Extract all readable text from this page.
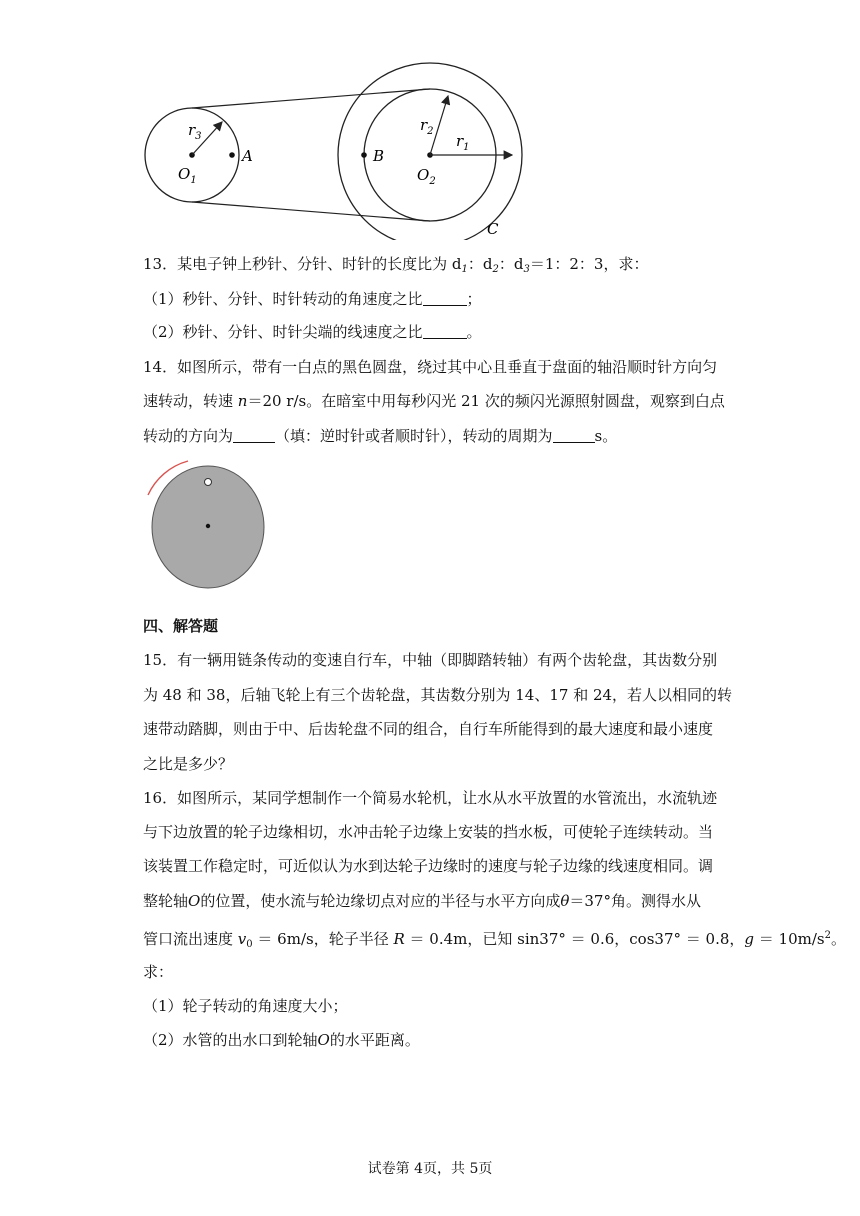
$r_3$
A
$O_1$
B
$r_2$
$r_1$
$O_2$
C
13．某电子钟上秒针、分针、时针的长度比为 $d_1$：$d_2$：$d_3=1$：2：3，求：
（1）秒针、分针、时针转动的角速度之比	；
（2）秒针、分针、时针尖端的线速度之比	。
14．如图所示，带有一白点的黑色圆盘，绕过其中心且垂直于盘面的轴沿顺时针方向匀
速转动，转速 n＝20 r/s。在暗室中用每秒闪光 21 次的频闪光源照射圆盘，观察到白点
转动的方向为	（填：逆时针或者顺时针），转动的周期为	s。
四、解答题
15．有一辆用链条传动的变速自行车，中轴（即脚踏转轴）有两个齿轮盘，其齿数分别
为 48 和 38，后轴飞轮上有三个齿轮盘，其齿数分别为 14、17 和 24，若人以相同的转
速带动踏脚，则由于中、后齿轮盘不同的组合，自行车所能得到的最大速度和最小速度
之比是多少？
16．如图所示，某同学想制作一个简易水轮机，让水从水平放置的水管流出，水流轨迹
与下边放置的轮子边缘相切，水冲击轮子边缘上安装的挡水板，可使轮子连续转动。当
该装置工作稳定时，可近似认为水到达轮子边缘时的速度与轮子边缘的线速度相同。调
整轮轴O的位置，使水流与轮边缘切点对应的半径与水平方向成θ＝37°角。测得水从
管口流出速度 $v_0 = 6m/s$，轮子半径 R ＝ 0.4m，已知 sin37° ＝ 0.6，cos37° ＝ 0.8，$g = 10m/s^2$。
求：
（1）轮子转动的角速度大小；
（2）水管的出水口到轮轴O的水平距离。
试卷第 4页，共 5页
